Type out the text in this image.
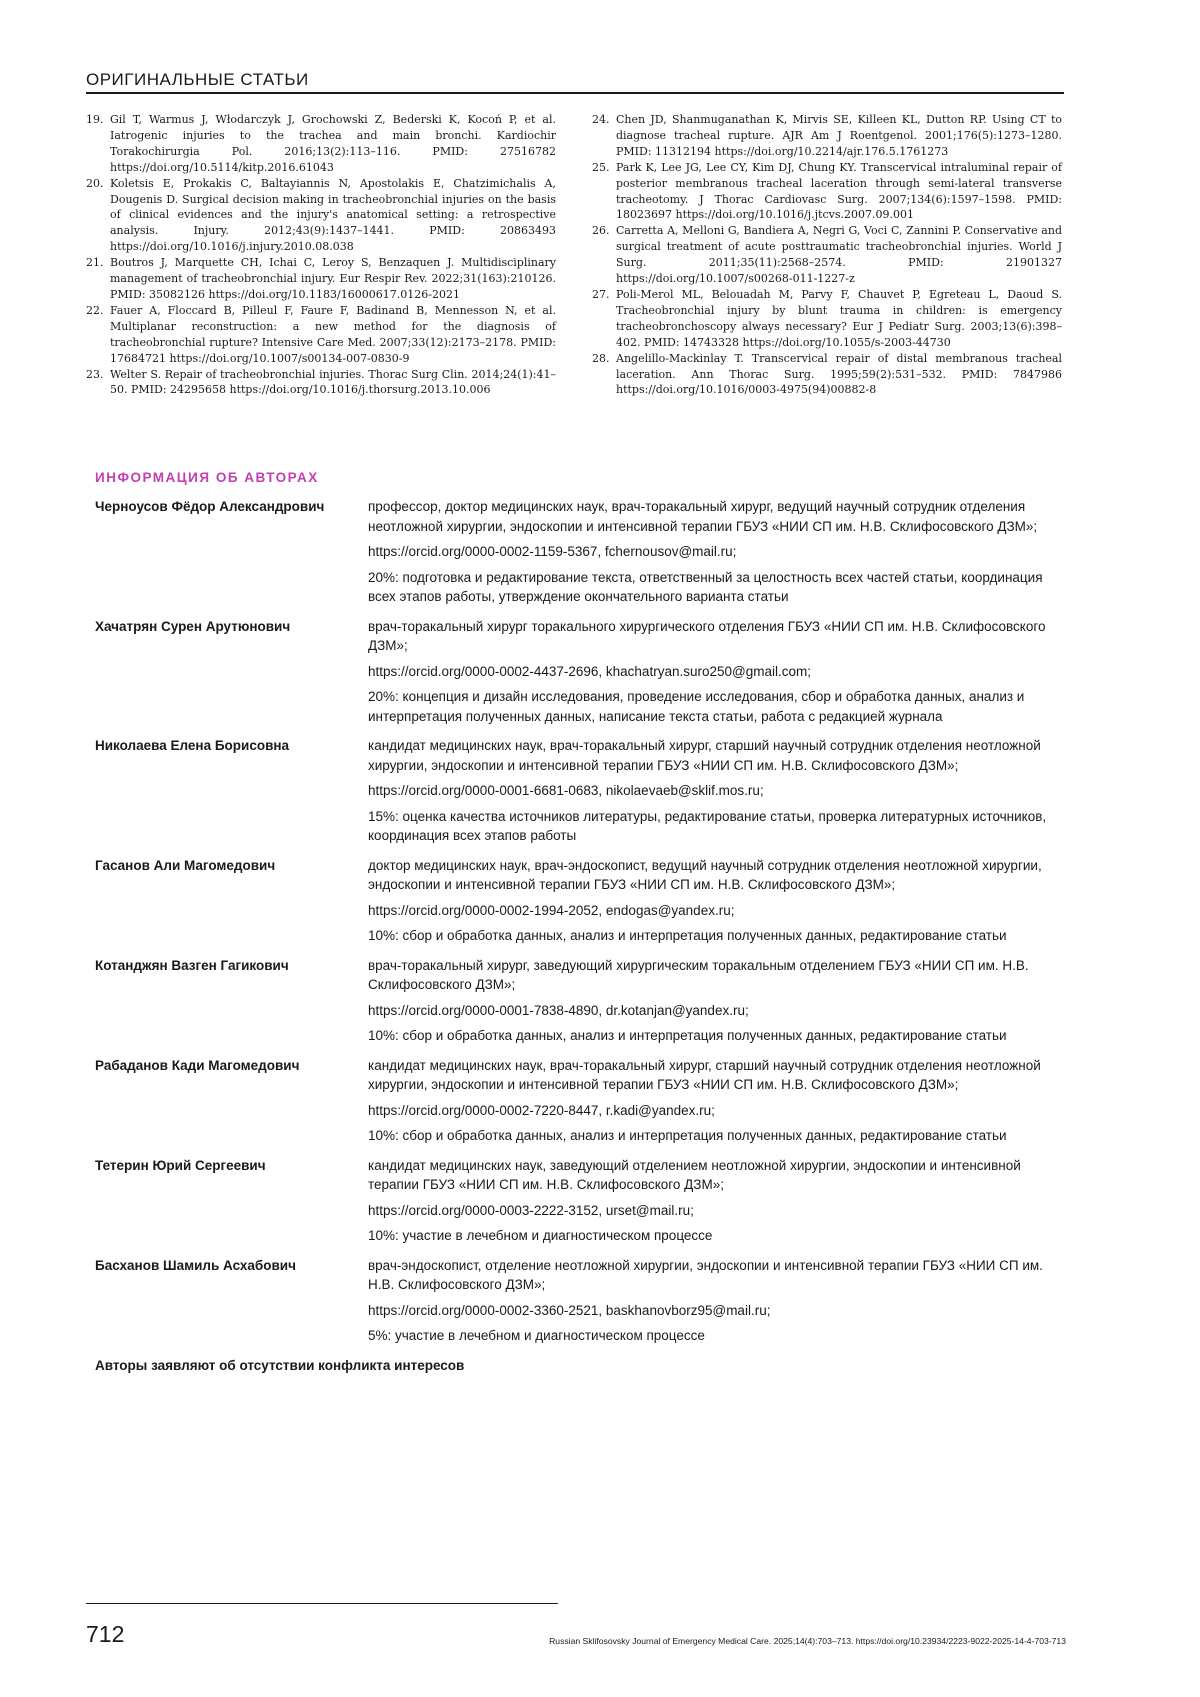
ОРИГИНАЛЬНЫЕ СТАТЬИ
19. Gil T, Warmus J, Włodarczyk J, Grochowski Z, Bederski K, Kocoń P, et al. Iatrogenic injuries to the trachea and main bronchi. Kardiochir Torakochirurgia Pol. 2016;13(2):113–116. PMID: 27516782 https://doi.org/10.5114/kitp.2016.61043
20. Koletsis E, Prokakis C, Baltayiannis N, Apostolakis E, Chatzimichalis A, Dougenis D. Surgical decision making in tracheobronchial injuries on the basis of clinical evidences and the injury's anatomical setting: a retrospective analysis. Injury. 2012;43(9):1437–1441. PMID: 20863493 https://doi.org/10.1016/j.injury.2010.08.038
21. Boutros J, Marquette CH, Ichai C, Leroy S, Benzaquen J. Multidisciplinary management of tracheobronchial injury. Eur Respir Rev. 2022;31(163):210126. PMID: 35082126 https://doi.org/10.1183/16000617.0126-2021
22. Fauer A, Floccard B, Pilleul F, Faure F, Badinand B, Mennesson N, et al. Multiplanar reconstruction: a new method for the diagnosis of tracheobronchial rupture? Intensive Care Med. 2007;33(12):2173–2178. PMID: 17684721 https://doi.org/10.1007/s00134-007-0830-9
23. Welter S. Repair of tracheobronchial injuries. Thorac Surg Clin. 2014;24(1):41–50. PMID: 24295658 https://doi.org/10.1016/j.thorsurg.2013.10.006
24. Chen JD, Shanmuganathan K, Mirvis SE, Killeen KL, Dutton RP. Using CT to diagnose tracheal rupture. AJR Am J Roentgenol. 2001;176(5):1273–1280. PMID: 11312194 https://doi.org/10.2214/ajr.176.5.1761273
25. Park K, Lee JG, Lee CY, Kim DJ, Chung KY. Transcervical intraluminal repair of posterior membranous tracheal laceration through semi-lateral transverse tracheotomy. J Thorac Cardiovasc Surg. 2007;134(6):1597–1598. PMID: 18023697 https://doi.org/10.1016/j.jtcvs.2007.09.001
26. Carretta A, Melloni G, Bandiera A, Negri G, Voci C, Zannini P. Conservative and surgical treatment of acute posttraumatic tracheobronchial injuries. World J Surg. 2011;35(11):2568–2574. PMID: 21901327 https://doi.org/10.1007/s00268-011-1227-z
27. Poli-Merol ML, Belouadah M, Parvy F, Chauvet P, Egreteau L, Daoud S. Tracheobronchial injury by blunt trauma in children: is emergency tracheobronchoscopy always necessary? Eur J Pediatr Surg. 2003;13(6):398–402. PMID: 14743328 https://doi.org/10.1055/s-2003-44730
28. Angelillo-Mackinlay T. Transcervical repair of distal membranous tracheal laceration. Ann Thorac Surg. 1995;59(2):531–532. PMID: 7847986 https://doi.org/10.1016/0003-4975(94)00882-8
ИНФОРМАЦИЯ ОБ АВТОРАХ
Черноусов Фёдор Александрович	профессор, доктор медицинских наук, врач-торакальный хирург, ведущий научный сотрудник отделения неотложной хирургии, эндоскопии и интенсивной терапии ГБУЗ «НИИ СП им. Н.В. Склифосовского ДЗМ»;

https://orcid.org/0000-0002-1159-5367, fchernousov@mail.ru;

20%: подготовка и редактирование текста, ответственный за целостность всех частей статьи, координация всех этапов работы, утверждение окончательного варианта статьи

Хачатрян Сурен Арутюнович	врач-торакальный хирург торакального хирургического отделения ГБУЗ «НИИ СП им. Н.В. Склифосовского ДЗМ»;

https://orcid.org/0000-0002-4437-2696, khachatryan.suro250@gmail.com;

20%: концепция и дизайн исследования, проведение исследования, сбор и обработка данных, анализ и интерпретация полученных данных, написание текста статьи, работа с редакцией журнала

Николаева Елена Борисовна	кандидат медицинских наук, врач-торакальный хирург, старший научный сотрудник отделения неотложной хирургии, эндоскопии и интенсивной терапии ГБУЗ «НИИ СП им. Н.В. Склифосовского ДЗМ»;

https://orcid.org/0000-0001-6681-0683, nikolaevaeb@sklif.mos.ru;

15%: оценка качества источников литературы, редактирование статьи, проверка литературных источников, координация всех этапов работы

Гасанов Али Магомедович	доктор медицинских наук, врач-эндоскопист, ведущий научный сотрудник отделения неотложной хирургии, эндоскопии и интенсивной терапии ГБУЗ «НИИ СП им. Н.В. Склифосовского ДЗМ»;

https://orcid.org/0000-0002-1994-2052, endogas@yandex.ru;

10%: сбор и обработка данных, анализ и интерпретация полученных данных, редактирование статьи

Котанджян Вазген Гагикович	врач-торакальный хирург, заведующий хирургическим торакальным отделением ГБУЗ «НИИ СП им. Н.В. Склифосовского ДЗМ»;

https://orcid.org/0000-0001-7838-4890, dr.kotanjan@yandex.ru;

10%: сбор и обработка данных, анализ и интерпретация полученных данных, редактирование статьи

Рабаданов Кади Магомедович	кандидат медицинских наук, врач-торакальный хирург, старший научный сотрудник отделения неотложной хирургии, эндоскопии и интенсивной терапии ГБУЗ «НИИ СП им. Н.В. Склифосовского ДЗМ»;

https://orcid.org/0000-0002-7220-8447, r.kadi@yandex.ru;

10%: сбор и обработка данных, анализ и интерпретация полученных данных, редактирование статьи

Тетерин Юрий Сергеевич	кандидат медицинских наук, заведующий отделением неотложной хирургии, эндоскопии и интенсивной терапии ГБУЗ «НИИ СП им. Н.В. Склифосовского ДЗМ»;

https://orcid.org/0000-0003-2222-3152, urset@mail.ru;

10%: участие в лечебном и диагностическом процессе

Басханов Шамиль Асхабович	врач-эндоскопист, отделение неотложной хирургии, эндоскопии и интенсивной терапии ГБУЗ «НИИ СП им. Н.В. Склифосовского ДЗМ»;

https://orcid.org/0000-0002-3360-2521, baskhanovborz95@mail.ru;

5%: участие в лечебном и диагностическом процессе

Авторы заявляют об отсутствии конфликта интересов
712	Russian Sklifosovsky Journal of Emergency Medical Care. 2025;14(4):703–713. https://doi.org/10.23934/2223-9022-2025-14-4-703-713
